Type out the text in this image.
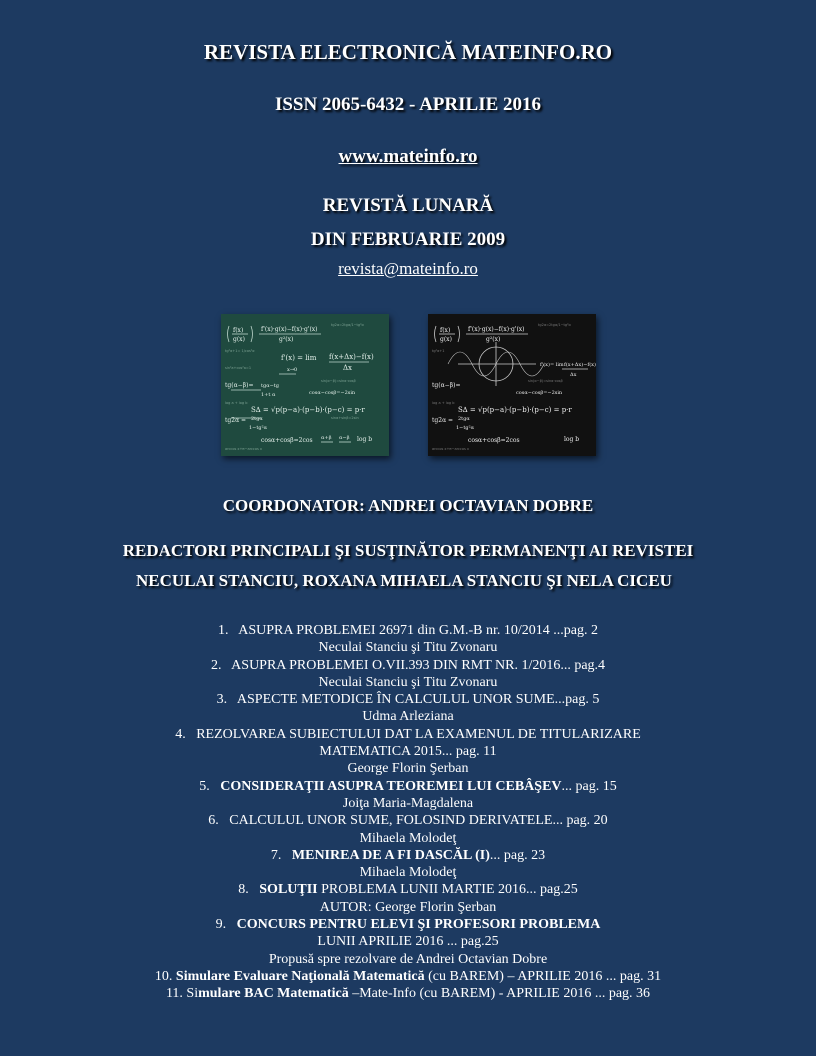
REVISTA ELECTRONICĂ MATEINFO.RO
ISSN 2065-6432 - APRILIE 2016
www.mateinfo.ro
REVISTĂ LUNARĂ
DIN FEBRUARIE 2009
revista@mateinfo.ro
f(x)
g(x)
f'(x)·g(x)−f(x)·g'(x)
g²(x)
f'(x) = lim f(x+Δx)−f(x)
Δx
x→0
tg(α−β)= tgα−tg
1+t α	cosα−cosβ=−2sin
S∆ = √p(p−a)·(p−b)·(p−c) = p·r
tg2α = 2tgα
1−tg²α
cosα+cosβ=2cos α+β α−β log b
tg2α=2tgα/1−tg²α
tg²α+1= 1/cos²α
sin²a+cos²a=1
sin(α−β)=sinα·cosβ
log a + log b
arccos x+π−arccos x
sinα+sinβ=2sin
f(x)
g(x)
f'(x)·g(x)−f(x)·g'(x)
g²(x)
f'(x)= lim f(x+Δx)−f(x)
Δx
tg(α−β)=
cosα−cosβ=−2sin
S∆ = √p(p−a)·(p−b)·(p−c) = p·r
tg2α = 2tgα
1−tg²α
cosα+cosβ=2cos	log b
tg2α=2tgα/1−tg²α
tg²α+1
sin(α−β)=sinα·cosβ
log a + log b
arccos x+π−arccos x
COORDONATOR: ANDREI OCTAVIAN DOBRE
REDACTORI PRINCIPALI ŞI SUSŢINĂTOR PERMANENŢI AI REVISTEI
NECULAI STANCIU, ROXANA MIHAELA STANCIU ŞI NELA CICEU
1. ASUPRA PROBLEMEI 26971 din G.M.-B nr. 10/2014 ...pag. 2
Neculai Stanciu şi Titu Zvonaru
2. ASUPRA PROBLEMEI O.VII.393 DIN RMT NR. 1/2016... pag.4
Neculai Stanciu şi Titu Zvonaru
3. ASPECTE METODICE ÎN CALCULUL UNOR SUME...pag. 5
Udma Arleziana
4. REZOLVAREA SUBIECTULUI DAT LA EXAMENUL DE TITULARIZARE
MATEMATICA 2015... pag. 11
George Florin Şerban
5. CONSIDERAŢII ASUPRA TEOREMEI LUI CEBÂŞEV... pag. 15
Joiţa Maria-Magdalena
6. CALCULUL UNOR SUME, FOLOSIND DERIVATELE... pag. 20
Mihaela Molodeţ
7. MENIREA DE A FI DASCĂL (I)... pag. 23
Mihaela Molodeţ
8. SOLUŢII PROBLEMA LUNII MARTIE 2016... pag.25
AUTOR: George Florin Şerban
9. CONCURS PENTRU ELEVI ŞI PROFESORI PROBLEMA
LUNII APRILIE 2016 ... pag.25
Propusă spre rezolvare de Andrei Octavian Dobre
10. Simulare Evaluare Naţională Matematică (cu BAREM) – APRILIE 2016 ... pag. 31
11. Simulare BAC Matematică –Mate-Info (cu BAREM) - APRILIE 2016 ... pag. 36
